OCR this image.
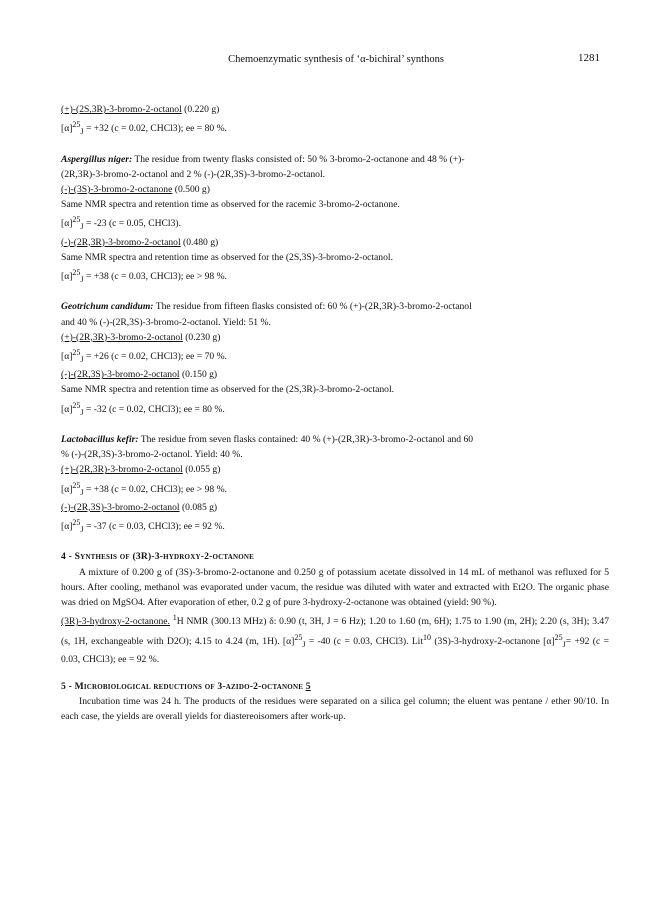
Chemoenzymatic synthesis of ‘α-bichiral’ synthons	1281
(+)-(2S,3R)-3-bromo-2-octanol (0.220 g)
$[\alpha]^{25}_J = +32$ (c = 0.02, CHCl3); ee = 80 %.
Aspergillus niger: The residue from twenty flasks consisted of: 50 % 3-bromo-2-octanone and 48 % (+)-
(2R,3R)-3-bromo-2-octanol and 2 % (-)-(2R,3S)-3-bromo-2-octanol.
(-)-(3S)-3-bromo-2-octanone (0.500 g)
Same NMR spectra and retention time as observed for the racemic 3-bromo-2-octanone.
$[\alpha]^{25}_J = -23$ (c = 0.05, CHCl3).
(-)-(2R,3R)-3-bromo-2-octanol (0.480 g)
Same NMR spectra and retention time as observed for the (2S,3S)-3-bromo-2-octanol.
$[\alpha]^{25}_J = +38$ (c = 0.03, CHCl3); ee > 98 %.
Geotrichum candidum: The residue from fifteen flasks consisted of: 60 % (+)-(2R,3R)-3-bromo-2-octanol
and 40 % (-)-(2R,3S)-3-bromo-2-octanol. Yield: 51 %.
(+)-(2R,3R)-3-bromo-2-octanol (0.230 g)
$[\alpha]^{25}_J = +26$ (c = 0.02, CHCl3); ee = 70 %.
(-)-(2R,3S)-3-bromo-2-octanol (0.150 g)
Same NMR spectra and retention time as observed for the (2S,3R)-3-bromo-2-octanol.
$[\alpha]^{25}_J = -32$ (c = 0.02, CHCl3); ee = 80 %.
Lactobacillus kefir: The residue from seven flasks contained: 40 % (+)-(2R,3R)-3-bromo-2-octanol and 60
% (-)-(2R,3S)-3-bromo-2-octanol. Yield: 40 %.
(+)-(2R,3R)-3-bromo-2-octanol (0.055 g)
$[\alpha]^{25}_J = +38$ (c = 0.02, CHCl3); ee > 98 %.
(-)-(2R,3S)-3-bromo-2-octanol (0.085 g)
$[\alpha]^{25}_J = -37$ (c = 0.03, CHCl3); ee = 92 %.
4 - Synthesis of (3R)-3-hydroxy-2-octanone
A mixture of 0.200 g of (3S)-3-bromo-2-octanone and 0.250 g of potassium acetate dissolved in 14 mL of methanol was refluxed for 5 hours. After cooling, methanol was evaporated under vacum, the residue was diluted with water and extracted with Et2O. The organic phase was dried on MgSO4. After evaporation of ether, 0.2 g of pure 3-hydroxy-2-octanone was obtained (yield: 90 %).
(3R)-3-hydroxy-2-octanone. $^1$H NMR (300.13 MHz) δ: 0.90 (t, 3H, J = 6 Hz); 1.20 to 1.60 (m, 6H); 1.75 to 1.90 (m, 2H); 2.20 (s, 3H); 3.47 (s, 1H, exchangeable with D2O); 4.15 to 4.24 (m, 1H). $[\alpha]^{25}_J = -40$ (c = 0.03, CHCl3). Lit$^{10}$ (3S)-3-hydroxy-2-octanone $[\alpha]^{25}_J= +92$ (c = 0.03, CHCl3); ee = 92 %.
5 - Microbiological reductions of 3-azido-2-octanone 5
Incubation time was 24 h. The products of the residues were separated on a silica gel column; the eluent was pentane / ether 90/10. In each case, the yields are overall yields for diastereoisomers after work-up.
